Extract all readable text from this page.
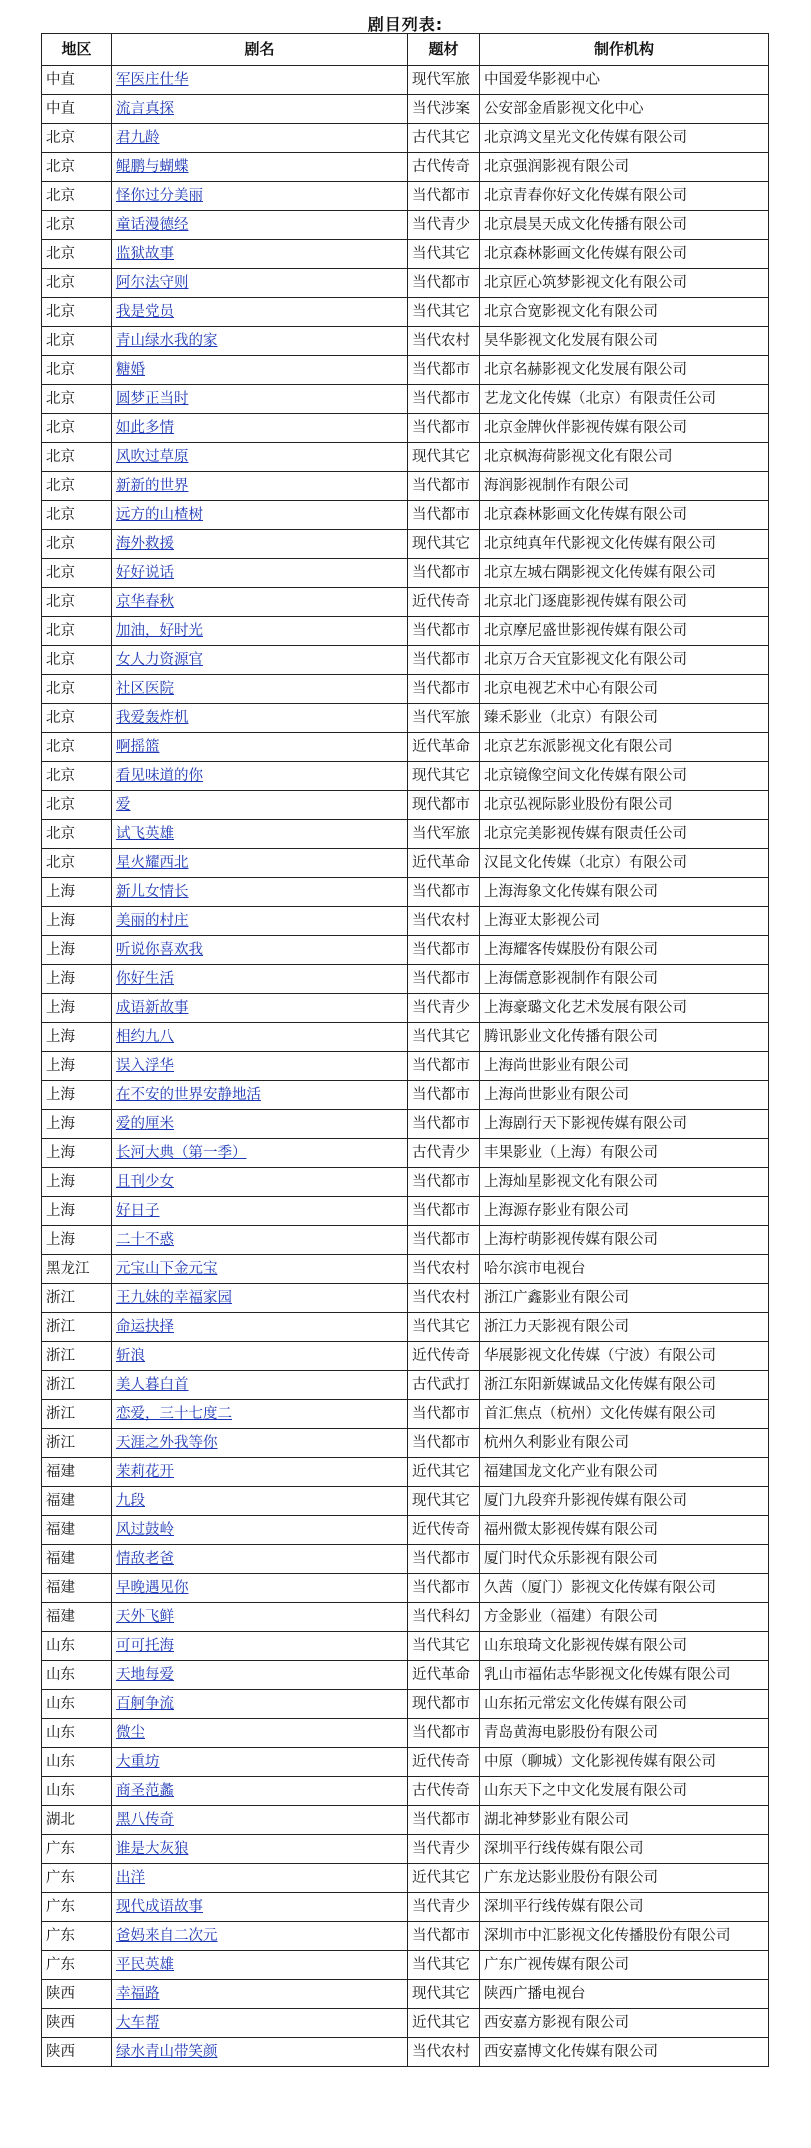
剧目列表:
地区	剧名	题材	制作机构
中直	军医庄仕华	现代军旅	中国爱华影视中心
中直	流言真探	当代涉案	公安部金盾影视文化中心
北京	君九龄	古代其它	北京鸿文星光文化传媒有限公司
北京	鲲鹏与蝴蝶	古代传奇	北京强润影视有限公司
北京	怪你过分美丽	当代都市	北京青春你好文化传媒有限公司
北京	童话漫德经	当代青少	北京晨昊天成文化传播有限公司
北京	监狱故事	当代其它	北京森林影画文化传媒有限公司
北京	阿尔法守则	当代都市	北京匠心筑梦影视文化有限公司
北京	我是党员	当代其它	北京合宽影视文化有限公司
北京	青山绿水我的家	当代农村	昊华影视文化发展有限公司
北京	糖婚	当代都市	北京名赫影视文化发展有限公司
北京	圆梦正当时	当代都市	艺龙文化传媒（北京）有限责任公司
北京	如此多情	当代都市	北京金牌伙伴影视传媒有限公司
北京	风吹过草原	现代其它	北京枫海荷影视文化有限公司
北京	新新的世界	当代都市	海润影视制作有限公司
北京	远方的山楂树	当代都市	北京森林影画文化传媒有限公司
北京	海外救援	现代其它	北京纯真年代影视文化传媒有限公司
北京	好好说话	当代都市	北京左城右隅影视文化传媒有限公司
北京	京华春秋	近代传奇	北京北门逐鹿影视传媒有限公司
北京	加油，好时光	当代都市	北京摩尼盛世影视传媒有限公司
北京	女人力资源官	当代都市	北京万合天宜影视文化有限公司
北京	社区医院	当代都市	北京电视艺术中心有限公司
北京	我爱轰炸机	当代军旅	臻禾影业（北京）有限公司
北京	啊摇篮	近代革命	北京艺东派影视文化有限公司
北京	看见味道的你	现代其它	北京镜像空间文化传媒有限公司
北京	爱	现代都市	北京弘视际影业股份有限公司
北京	试飞英雄	当代军旅	北京完美影视传媒有限责任公司
北京	星火耀西北	近代革命	汉昆文化传媒（北京）有限公司
上海	新儿女情长	当代都市	上海海象文化传媒有限公司
上海	美丽的村庄	当代农村	上海亚太影视公司
上海	听说你喜欢我	当代都市	上海耀客传媒股份有限公司
上海	你好生活	当代都市	上海儒意影视制作有限公司
上海	成语新故事	当代青少	上海豪璐文化艺术发展有限公司
上海	相约九八	当代其它	腾讯影业文化传播有限公司
上海	误入浮华	当代都市	上海尚世影业有限公司
上海	在不安的世界安静地活	当代都市	上海尚世影业有限公司
上海	爱的厘米	当代都市	上海剧行天下影视传媒有限公司
上海	长河大典（第一季）	古代青少	丰果影业（上海）有限公司
上海	且刊少女	当代都市	上海灿星影视文化有限公司
上海	好日子	当代都市	上海源存影业有限公司
上海	二十不惑	当代都市	上海柠萌影视传媒有限公司
黑龙江	元宝山下金元宝	当代农村	哈尔滨市电视台
浙江	王九妹的幸福家园	当代农村	浙江广鑫影业有限公司
浙江	命运抉择	当代其它	浙江力天影视有限公司
浙江	斩浪	近代传奇	华展影视文化传媒（宁波）有限公司
浙江	美人暮白首	古代武打	浙江东阳新媒诚品文化传媒有限公司
浙江	恋爱，三十七度二	当代都市	首汇焦点（杭州）文化传媒有限公司
浙江	天涯之外我等你	当代都市	杭州久利影业有限公司
福建	茉莉花开	近代其它	福建国龙文化产业有限公司
福建	九段	现代其它	厦门九段弈升影视传媒有限公司
福建	风过鼓岭	近代传奇	福州微太影视传媒有限公司
福建	情敌老爸	当代都市	厦门时代众乐影视有限公司
福建	早晚遇见你	当代都市	久茜（厦门）影视文化传媒有限公司
福建	天外飞鲜	当代科幻	方金影业（福建）有限公司
山东	可可托海	当代其它	山东琅琦文化影视传媒有限公司
山东	天地每爱	近代革命	乳山市福佑志华影视文化传媒有限公司
山东	百舸争流	现代都市	山东拓元常宏文化传媒有限公司
山东	微尘	当代都市	青岛黄海电影股份有限公司
山东	大重坊	近代传奇	中原（聊城）文化影视传媒有限公司
山东	商圣范蠡	古代传奇	山东天下之中文化发展有限公司
湖北	黑八传奇	当代都市	湖北神梦影业有限公司
广东	谁是大灰狼	当代青少	深圳平行线传媒有限公司
广东	出洋	近代其它	广东龙达影业股份有限公司
广东	现代成语故事	当代青少	深圳平行线传媒有限公司
广东	爸妈来自二次元	当代都市	深圳市中汇影视文化传播股份有限公司
广东	平民英雄	当代其它	广东广视传媒有限公司
陕西	幸福路	现代其它	陕西广播电视台
陕西	大车帮	近代其它	西安嘉方影视有限公司
陕西	绿水青山带笑颜	当代农村	西安嘉博文化传媒有限公司
